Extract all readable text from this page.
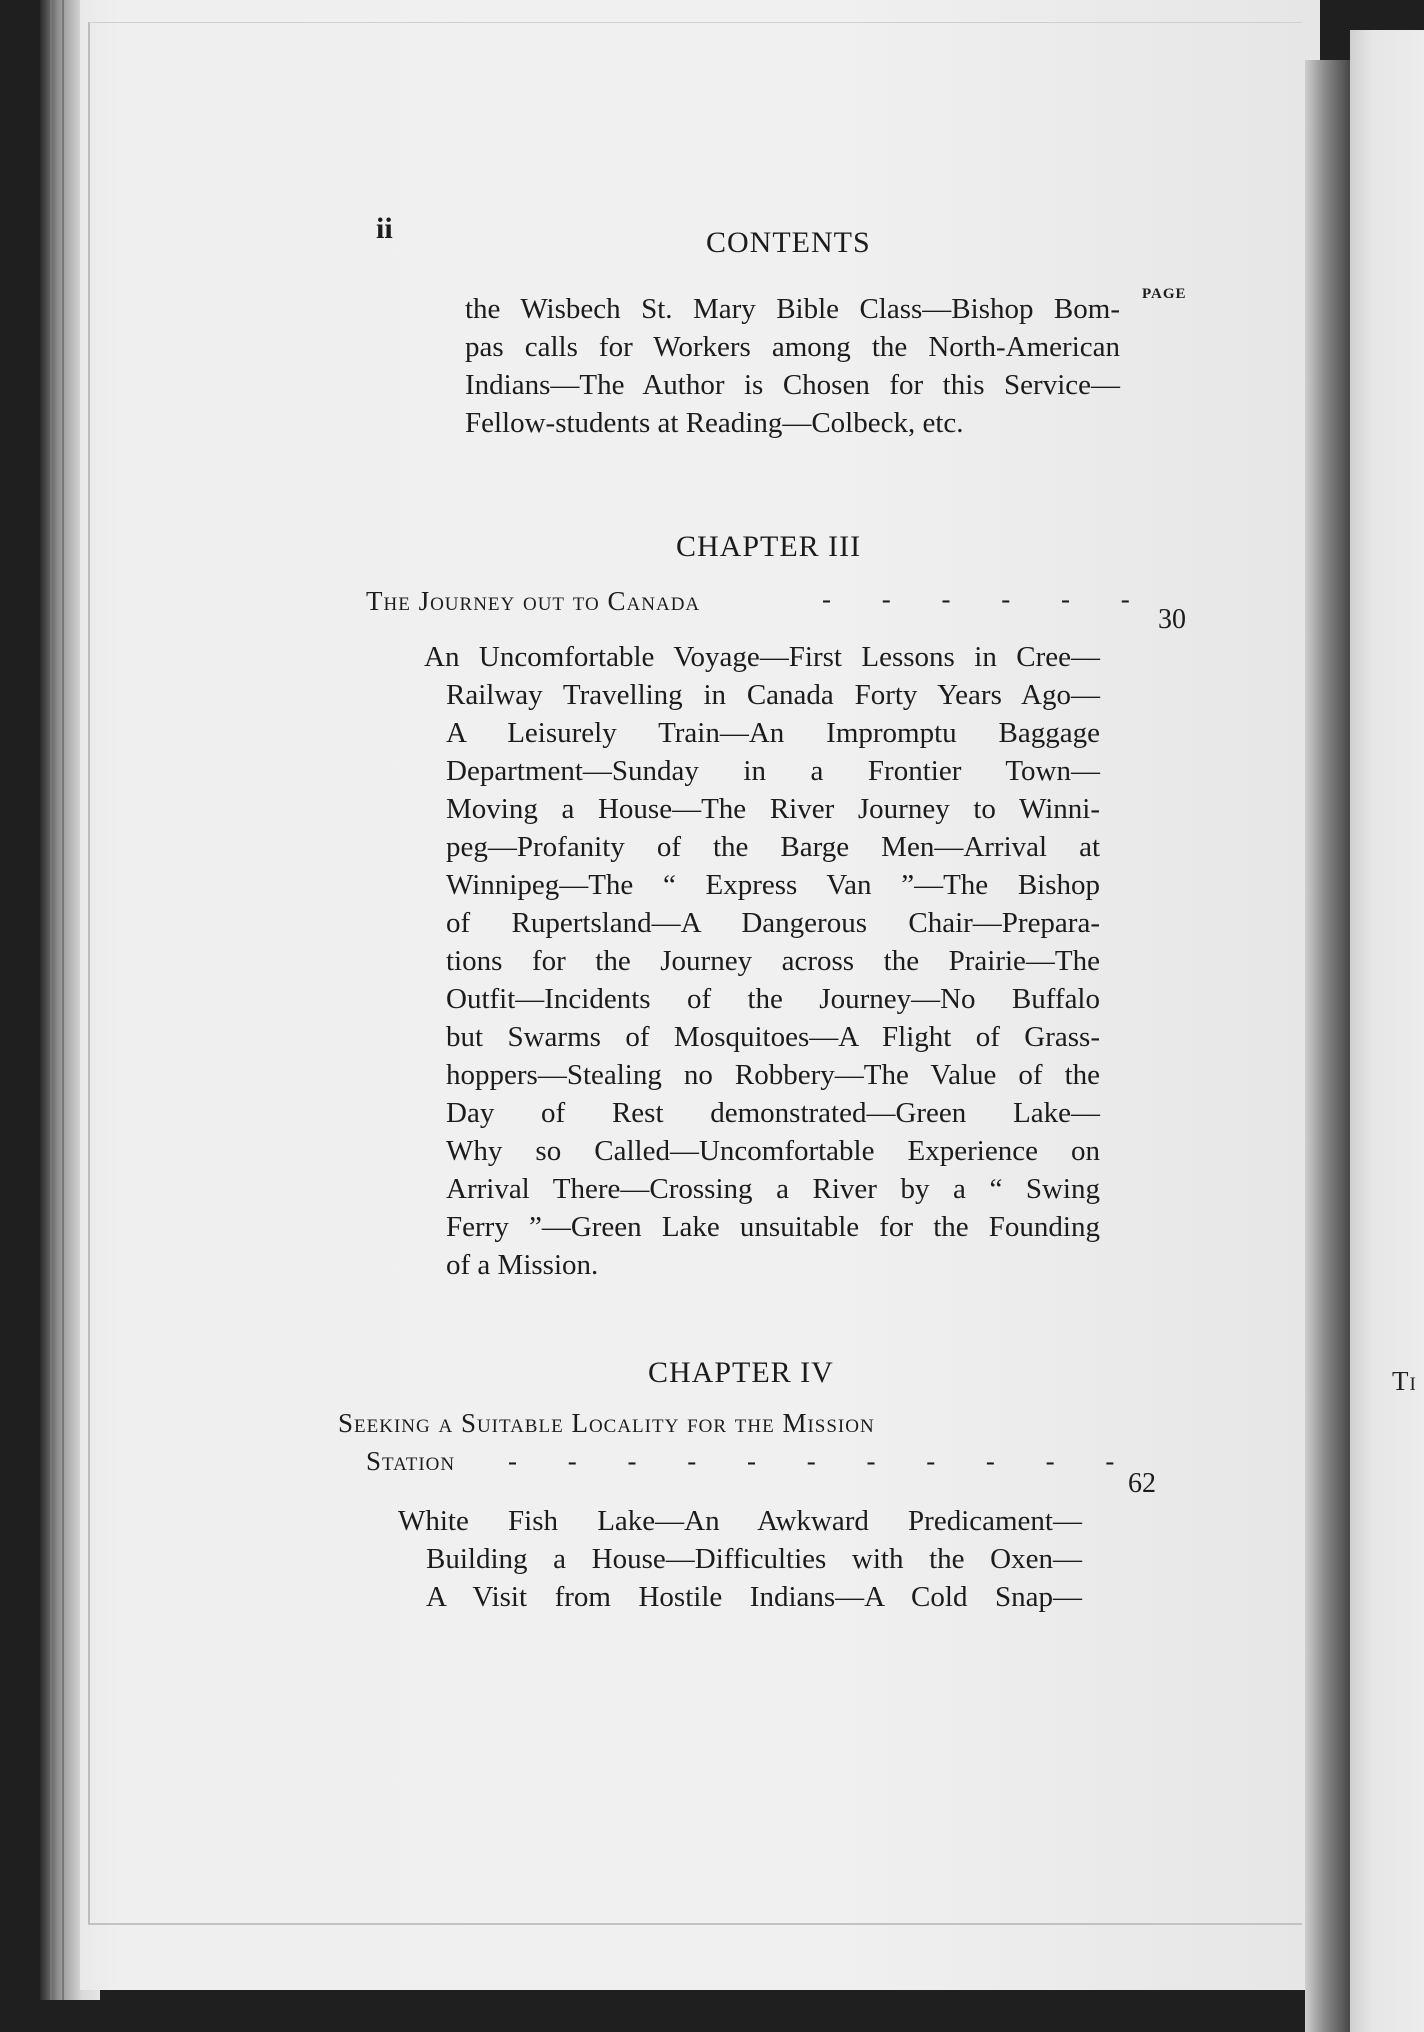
Ti
ii	CONTENTS
PAGE
the Wisbech St. Mary Bible Class—Bishop Bom-
pas calls for Workers among the North-American
Indians—The Author is Chosen for this Service—
Fellow-students at Reading—Colbeck, etc.
CHAPTER III
The Journey out to Canada	- - - - - -
30
An Uncomfortable Voyage—First Lessons in Cree—
Railway Travelling in Canada Forty Years Ago—
A Leisurely Train—An Impromptu Baggage
Department—Sunday in a Frontier Town—
Moving a House—The River Journey to Winni-
peg—Profanity of the Barge Men—Arrival at
Winnipeg—The “ Express Van ”—The Bishop
of Rupertsland—A Dangerous Chair—Prepara-
tions for the Journey across the Prairie—The
Outfit—Incidents of the Journey—No Buffalo
but Swarms of Mosquitoes—A Flight of Grass-
hoppers—Stealing no Robbery—The Value of the
Day of Rest demonstrated—Green Lake—
Why so Called—Uncomfortable Experience on
Arrival There—Crossing a River by a “ Swing
Ferry ”—Green Lake unsuitable for the Founding
of a Mission.
CHAPTER IV
Seeking a Suitable Locality for the Mission
Station - - - - - - - - - - -
62
White Fish Lake—An Awkward Predicament—
Building a House—Difficulties with the Oxen—
A Visit from Hostile Indians—A Cold Snap—
